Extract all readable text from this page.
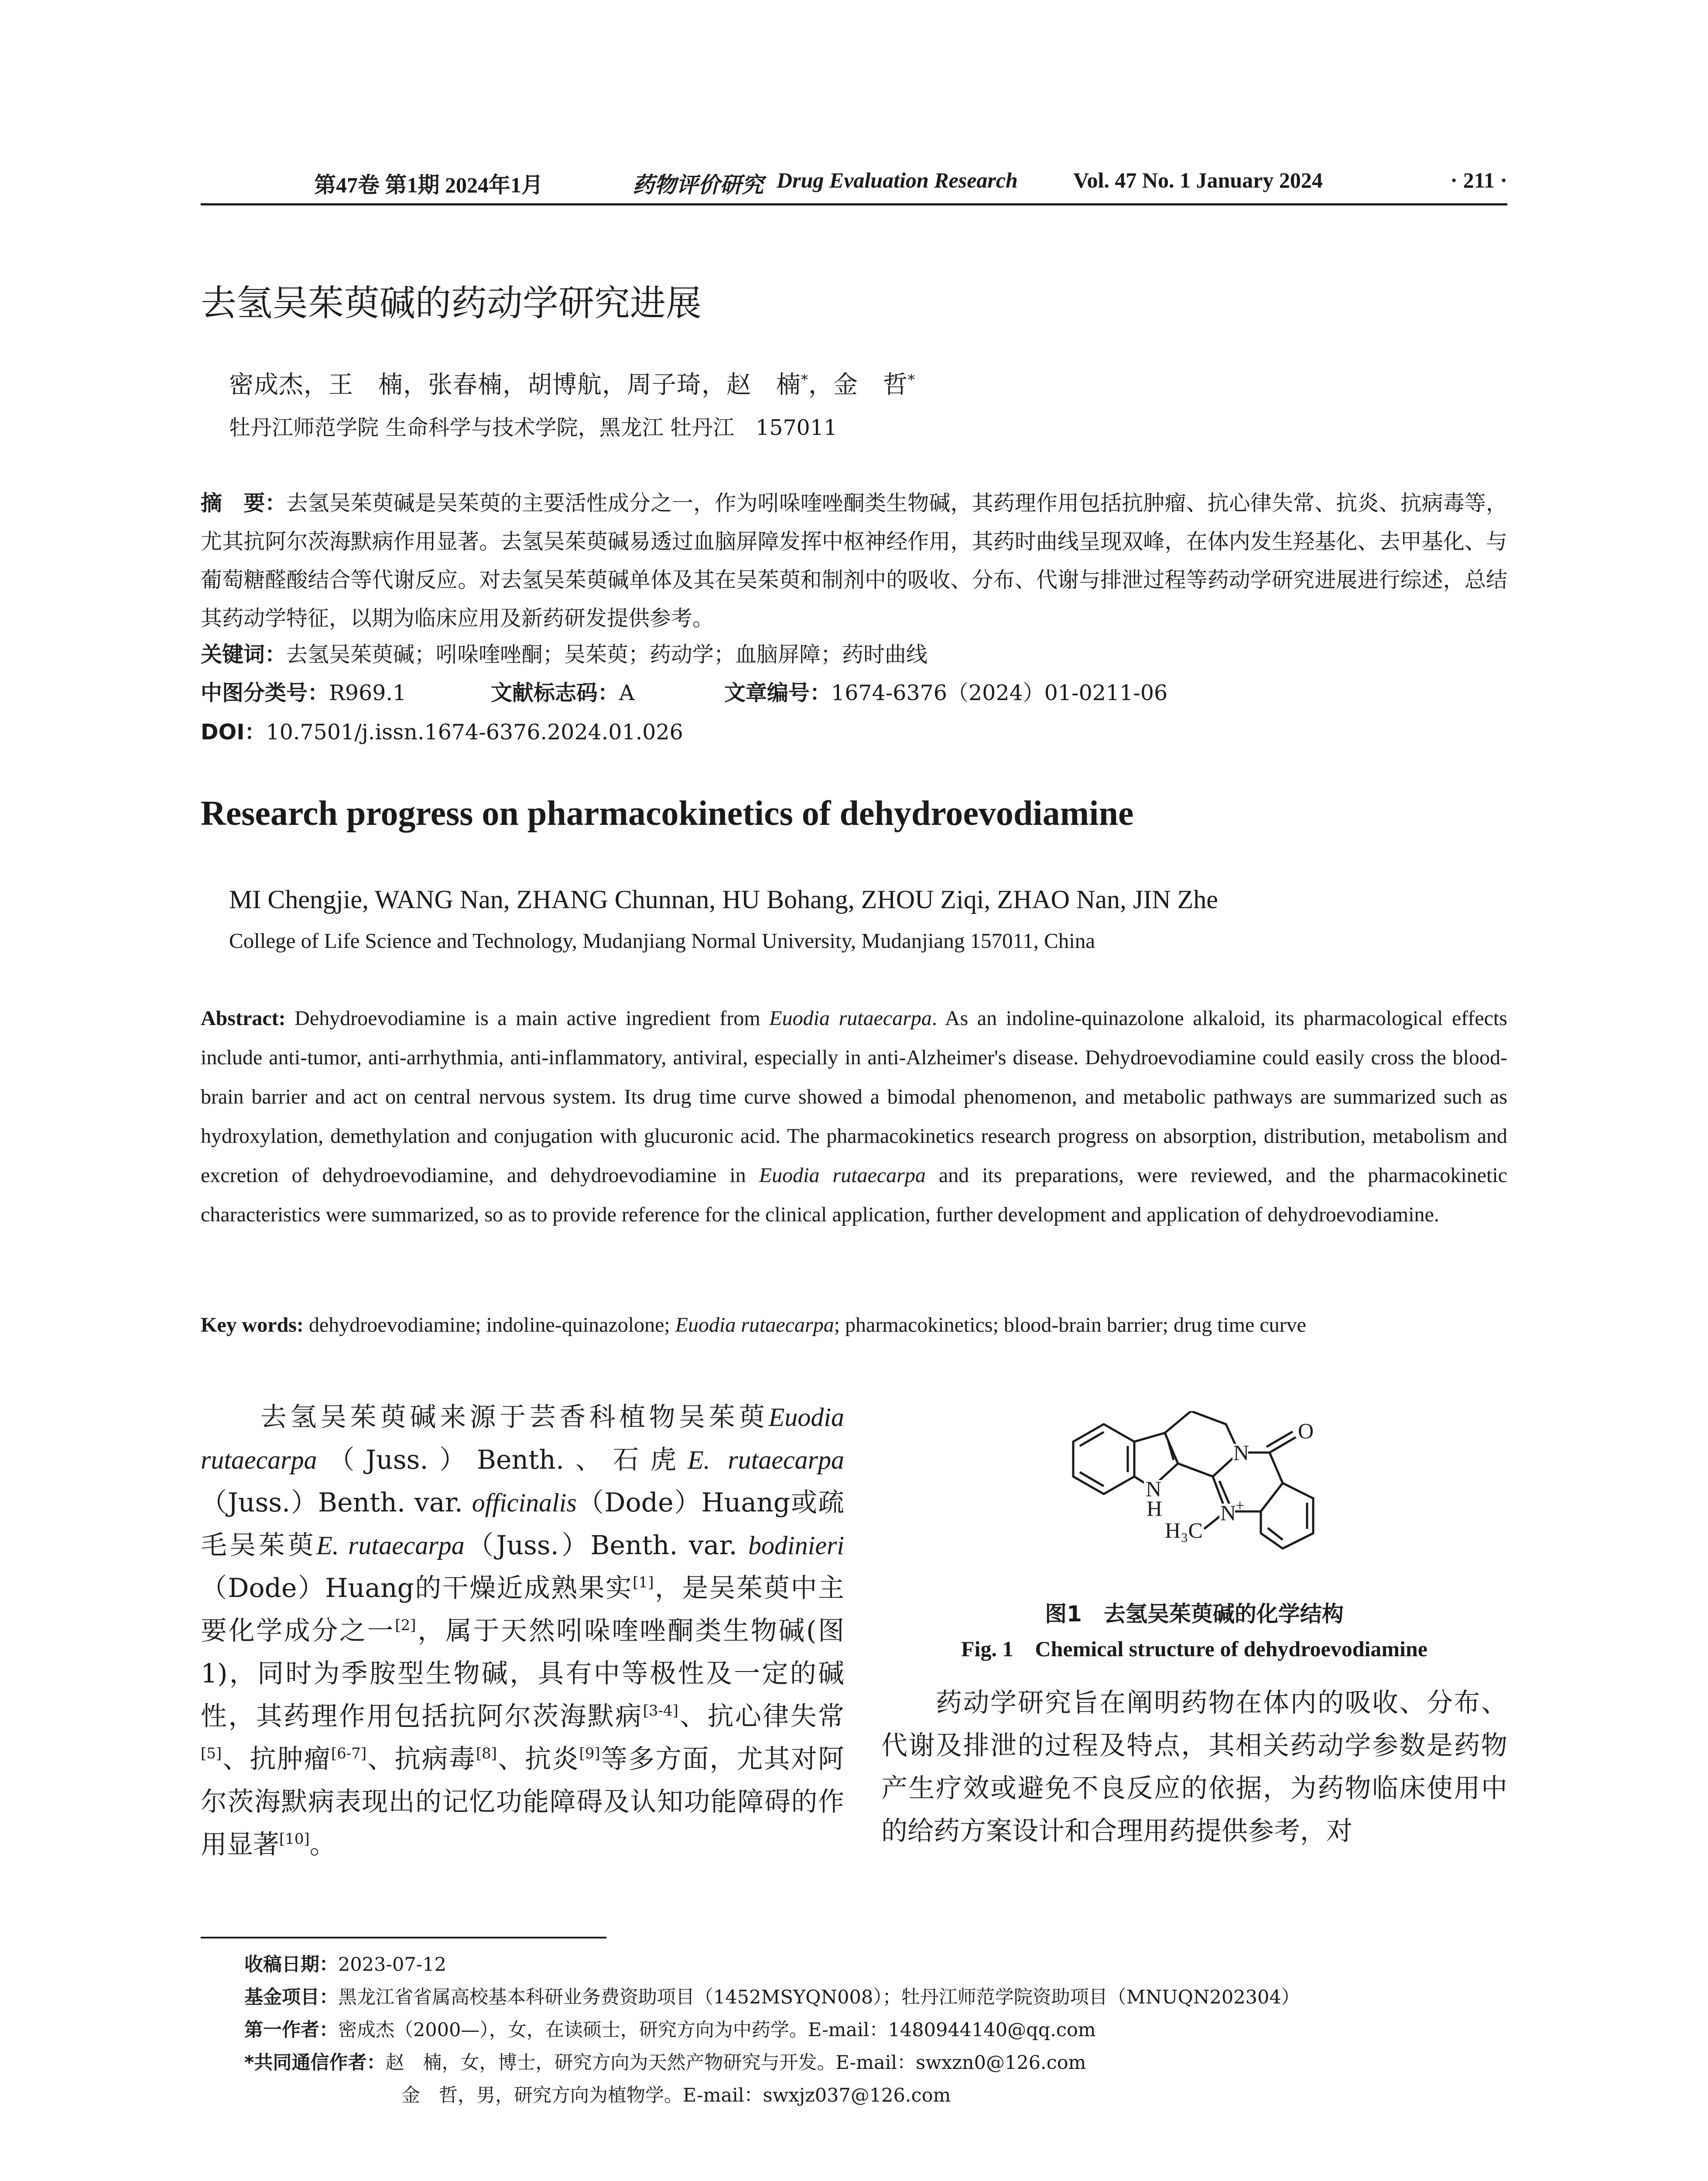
第47卷 第1期 2024年1月	药物评价研究 Drug Evaluation Research	Vol. 47 No. 1 January 2024	· 211 ·
去氢吴茱萸碱的药动学研究进展
密成杰，王　楠，张春楠，胡博航，周子琦，赵　楠*，金　哲*
牡丹江师范学院 生命科学与技术学院，黑龙江 牡丹江　157011
摘　要：去氢吴茱萸碱是吴茱萸的主要活性成分之一，作为吲哚喹唑酮类生物碱，其药理作用包括抗肿瘤、抗心律失常、抗炎、抗病毒等，尤其抗阿尔茨海默病作用显著。去氢吴茱萸碱易透过血脑屏障发挥中枢神经作用，其药时曲线呈现双峰，在体内发生羟基化、去甲基化、与葡萄糖醛酸结合等代谢反应。对去氢吴茱萸碱单体及其在吴茱萸和制剂中的吸收、分布、代谢与排泄过程等药动学研究进展进行综述，总结其药动学特征，以期为临床应用及新药研发提供参考。
关键词：去氢吴茱萸碱；吲哚喹唑酮；吴茱萸；药动学；血脑屏障；药时曲线
中图分类号：R969.1	文献标志码：A	文章编号：1674-6376（2024）01-0211-06
DOI：10.7501/j.issn.1674-6376.2024.01.026
Research progress on pharmacokinetics of dehydroevodiamine
MI Chengjie, WANG Nan, ZHANG Chunnan, HU Bohang, ZHOU Ziqi, ZHAO Nan, JIN Zhe
College of Life Science and Technology, Mudanjiang Normal University, Mudanjiang 157011, China
Abstract: Dehydroevodiamine is a main active ingredient from Euodia rutaecarpa. As an indoline-quinazolone alkaloid, its pharmacological effects include anti-tumor, anti-arrhythmia, anti-inflammatory, antiviral, especially in anti-Alzheimer's disease. Dehydroevodiamine could easily cross the blood-brain barrier and act on central nervous system. Its drug time curve showed a bimodal phenomenon, and metabolic pathways are summarized such as hydroxylation, demethylation and conjugation with glucuronic acid. The pharmacokinetics research progress on absorption, distribution, metabolism and excretion of dehydroevodiamine, and dehydroevodiamine in Euodia rutaecarpa and its preparations, were reviewed, and the pharmacokinetic characteristics were summarized, so as to provide reference for the clinical application, further development and application of dehydroevodiamine.
Key words: dehydroevodiamine; indoline-quinazolone; Euodia rutaecarpa; pharmacokinetics; blood-brain barrier; drug time curve
　　去氢吴茱萸碱来源于芸香科植物吴茱萸Euodia rutaecarpa（Juss.）Benth.、石虎E. rutaecarpa（Juss.）Benth. var. officinalis（Dode）Huang或疏毛吴茱萸E. rutaecarpa（Juss.）Benth. var. bodinieri（Dode）Huang的干燥近成熟果实[1]，是吴茱萸中主要化学成分之一[2]，属于天然吲哚喹唑酮类生物碱(图1)，同时为季胺型生物碱，具有中等极性及一定的碱性，其药理作用包括抗阿尔茨海默病[3-4]、抗心律失常[5]、抗肿瘤[6-7]、抗病毒[8]、抗炎[9]等多方面，尤其对阿尔茨海默病表现出的记忆功能障碍及认知功能障碍的作用显著[10]。
N
O
N
H	N
+
H₃C
图1　去氢吴茱萸碱的化学结构
Fig. 1　Chemical structure of dehydroevodiamine
　　药动学研究旨在阐明药物在体内的吸收、分布、代谢及排泄的过程及特点，其相关药动学参数是药物产生疗效或避免不良反应的依据，为药物临床使用中的给药方案设计和合理用药提供参考，对
收稿日期：2023-07-12
基金项目：黑龙江省省属高校基本科研业务费资助项目（1452MSYQN008）；牡丹江师范学院资助项目（MNUQN202304）
第一作者：密成杰（2000—），女，在读硕士，研究方向为中药学。E-mail：1480944140@qq.com
*共同通信作者：赵　楠，女，博士，研究方向为天然产物研究与开发。E-mail：swxzn0@126.com
金　哲，男，研究方向为植物学。E-mail：swxjz037@126.com
